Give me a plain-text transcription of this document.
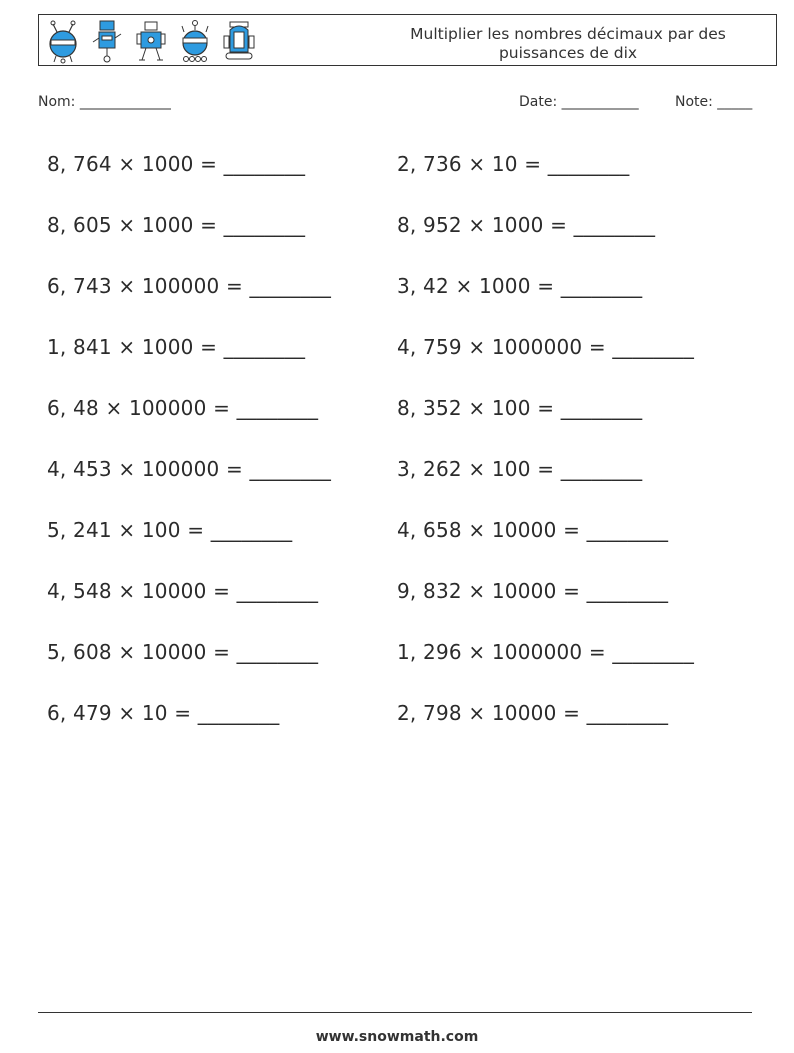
Multiplier les nombres décimaux par des puissances de dix
Nom: _____________	Date: ___________	Note: _____
8, 764 × 1000 = ________	2, 736 × 10 = ________
8, 605 × 1000 = ________	8, 952 × 1000 = ________
6, 743 × 100000 = ________	3, 42 × 1000 = ________
1, 841 × 1000 = ________	4, 759 × 1000000 = ________
6, 48 × 100000 = ________	8, 352 × 100 = ________
4, 453 × 100000 = ________	3, 262 × 100 = ________
5, 241 × 100 = ________	4, 658 × 10000 = ________
4, 548 × 10000 = ________	9, 832 × 10000 = ________
5, 608 × 10000 = ________	1, 296 × 1000000 = ________
6, 479 × 10 = ________	2, 798 × 10000 = ________
www.snowmath.com
